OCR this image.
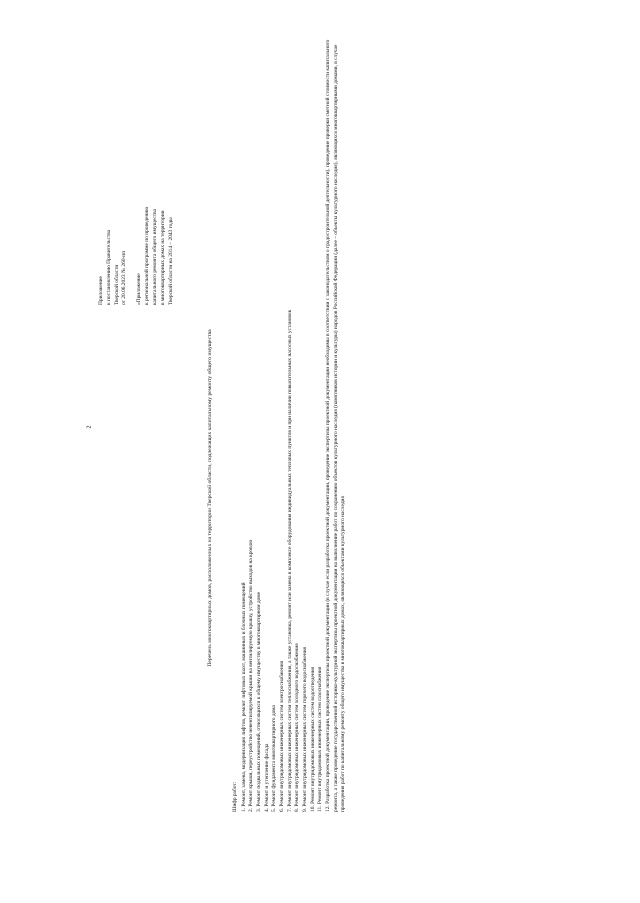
2
Приложение к постановлению Правительства Тверской области от 20.06.2023 № 260-пп	«Приложение к региональной программе по проведению капитального ремонта общего имущества в многоквартирных домах на территории Тверской области на 2014 – 2043 годы
Перечень многоквартирных домов, расположенных на территории Тверской области, подлежащих капитальному ремонту общего имущества
Шифр работ: 1. Ремонт, замена, модернизация лифтов, ремонт лифтовых шахт, машинных и блочных помещений 2. Ремонт крыши, переустройство невентилируемой крыши на вентилируемую крышу, устройство выходов на кровлю 3. Ремонт подвальных помещений, относящихся к общему имуществу в многоквартирном доме 4. Ремонт и утепление фасада 5. Ремонт фундамента многоквартирного дома 6. Ремонт внутридомовых инженерных систем электроснабжения 7. Ремонт внутридомовых инженерных систем теплоснабжения, а также установка, ремонт или замена в комплексе оборудования индивидуальных тепловых пунктов и при наличии повысительных насосных установок 8. Ремонт внутридомовых инженерных систем холодного водоснабжения 9. Ремонт внутридомовых инженерных систем горячего водоснабжения 10. Ремонт внутридомовых инженерных систем водоотведения 11. Ремонт внутридомовых инженерных систем газоснабжения 12. Разработка проектной документации, проведение экспертизы проектной документации (в случае если разработка проектной документации, проведение экспертизы проектной документации необходимы в соответствии с законодательством о градостроительной деятельности), проведение проверки сметной стоимости капитального ремонта, а также проведение государственной историко-культурной экспертизы проектной документации на выполнение работ по сохранению объектов культурного наследия (памятников истории и культуры) народов Российской Федерации (далее – объекты культурного наследия), являющихся многоквартирными домами, в случае проведения работ по капитальному ремонту общего имущества в многоквартирных домах, являющихся объектами культурного наследия
